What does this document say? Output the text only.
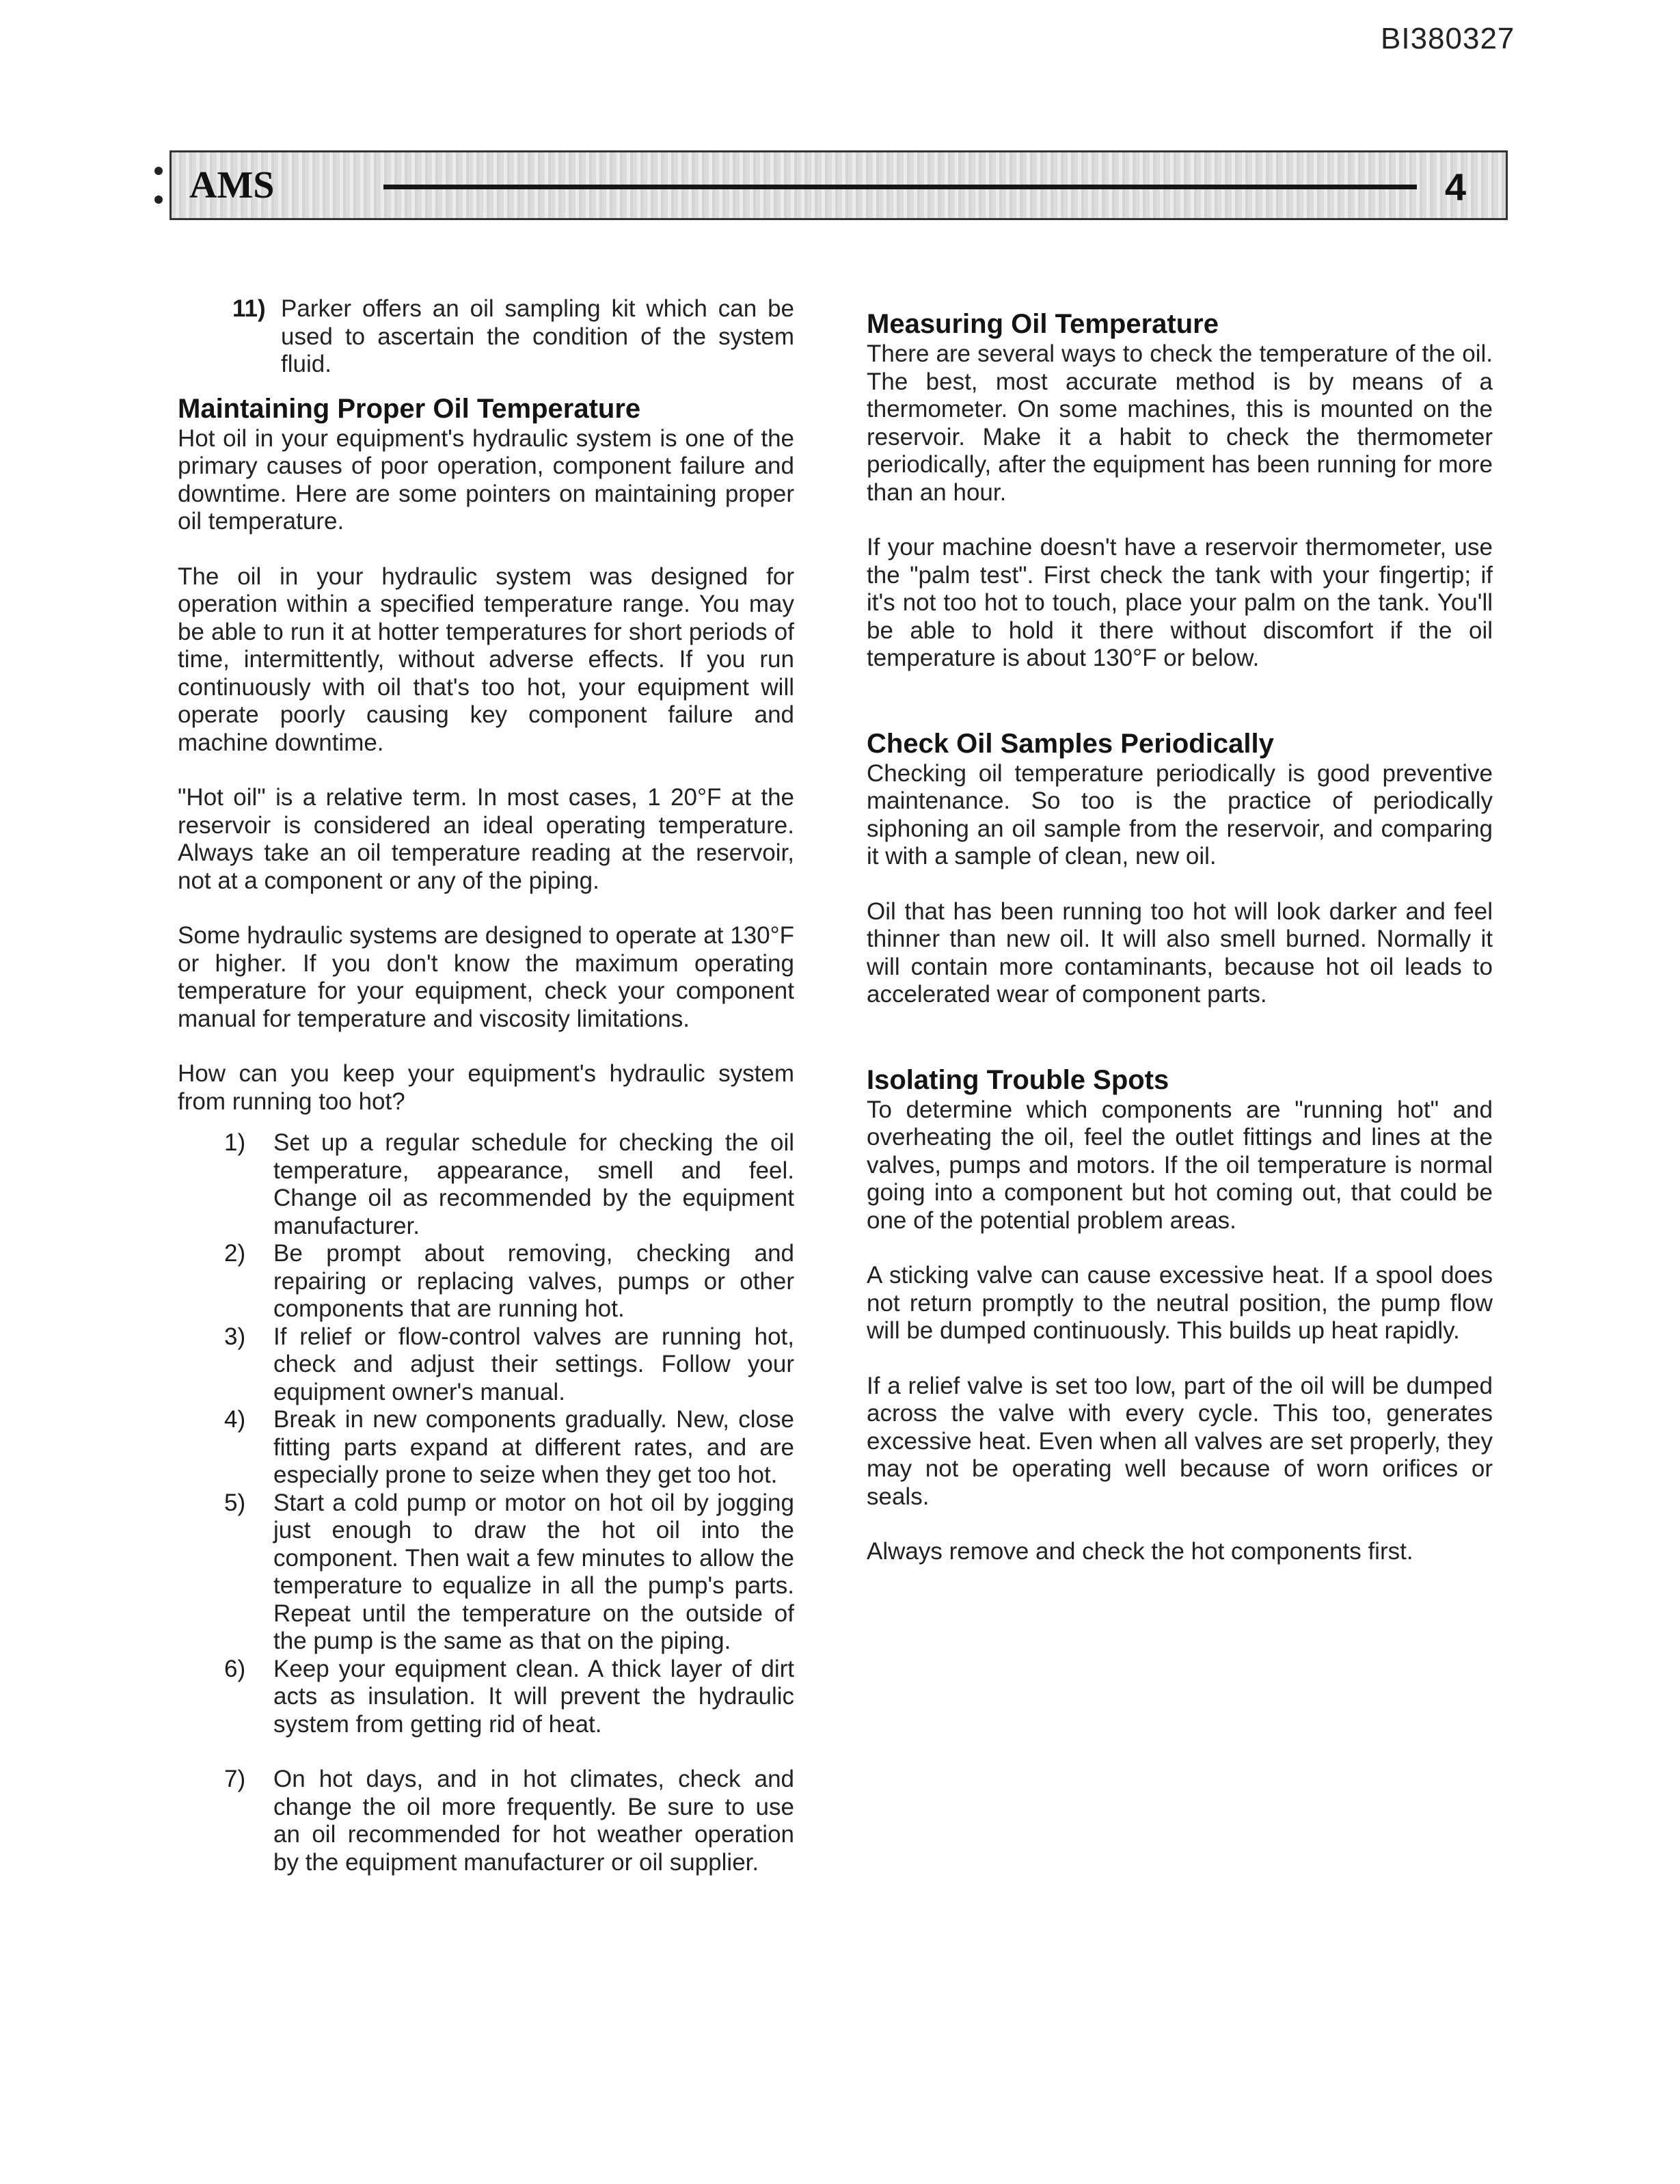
BI380327
AMS	4
11) Parker offers an oil sampling kit which can be used to ascertain the condition of the system fluid.

Maintaining Proper Oil Temperature

Hot oil in your equipment's hydraulic system is one of the primary causes of poor operation, component failure and downtime. Here are some pointers on maintaining proper oil temperature.

The oil in your hydraulic system was designed for operation within a specified temperature range. You may be able to run it at hotter temperatures for short periods of time, intermittently, without adverse effects. If you run continuously with oil that's too hot, your equipment will operate poorly causing key component failure and machine downtime.

"Hot oil" is a relative term. In most cases, 1 20°F at the reservoir is considered an ideal operating temperature. Always take an oil temperature reading at the reservoir, not at a component or any of the piping.

Some hydraulic systems are designed to operate at 130°F or higher. If you don't know the maximum operating temperature for your equipment, check your component manual for temperature and viscosity limitations.

How can you keep your equipment's hydraulic system from running too hot?

1) Set up a regular schedule for checking the oil temperature, appearance, smell and feel. Change oil as recommended by the equipment manufacturer.

2) Be prompt about removing, checking and repairing or replacing valves, pumps or other components that are running hot.

3) If relief or flow-control valves are running hot, check and adjust their settings. Follow your equipment owner's manual.

4) Break in new components gradually. New, close fitting parts expand at different rates, and are especially prone to seize when they get too hot.

5) Start a cold pump or motor on hot oil by jogging just enough to draw the hot oil into the component. Then wait a few minutes to allow the temperature to equalize in all the pump's parts. Repeat until the temperature on the outside of the pump is the same as that on the piping.

6) Keep your equipment clean. A thick layer of dirt acts as insulation. It will prevent the hydraulic system from getting rid of heat.

7) On hot days, and in hot climates, check and change the oil more frequently. Be sure to use an oil recommended for hot weather operation by the equipment manufacturer or oil supplier.

Measuring Oil Temperature

There are several ways to check the temperature of the oil. The best, most accurate method is by means of a thermometer. On some machines, this is mounted on the reservoir. Make it a habit to check the thermometer periodically, after the equipment has been running for more than an hour.

If your machine doesn't have a reservoir thermometer, use the "palm test". First check the tank with your fingertip; if it's not too hot to touch, place your palm on the tank. You'll be able to hold it there without discomfort if the oil temperature is about 130°F or below.

Check Oil Samples Periodically

Checking oil temperature periodically is good preventive maintenance. So too is the practice of periodically siphoning an oil sample from the reservoir, and comparing it with a sample of clean, new oil.

Oil that has been running too hot will look darker and feel thinner than new oil. It will also smell burned. Normally it will contain more contaminants, because hot oil leads to accelerated wear of component parts.

Isolating Trouble Spots

To determine which components are "running hot" and overheating the oil, feel the outlet fittings and lines at the valves, pumps and motors. If the oil temperature is normal going into a component but hot coming out, that could be one of the potential problem areas.

A sticking valve can cause excessive heat. If a spool does not return promptly to the neutral position, the pump flow will be dumped continuously. This builds up heat rapidly.

If a relief valve is set too low, part of the oil will be dumped across the valve with every cycle. This too, generates excessive heat. Even when all valves are set properly, they may not be operating well because of worn orifices or seals.

Always remove and check the hot components first.
